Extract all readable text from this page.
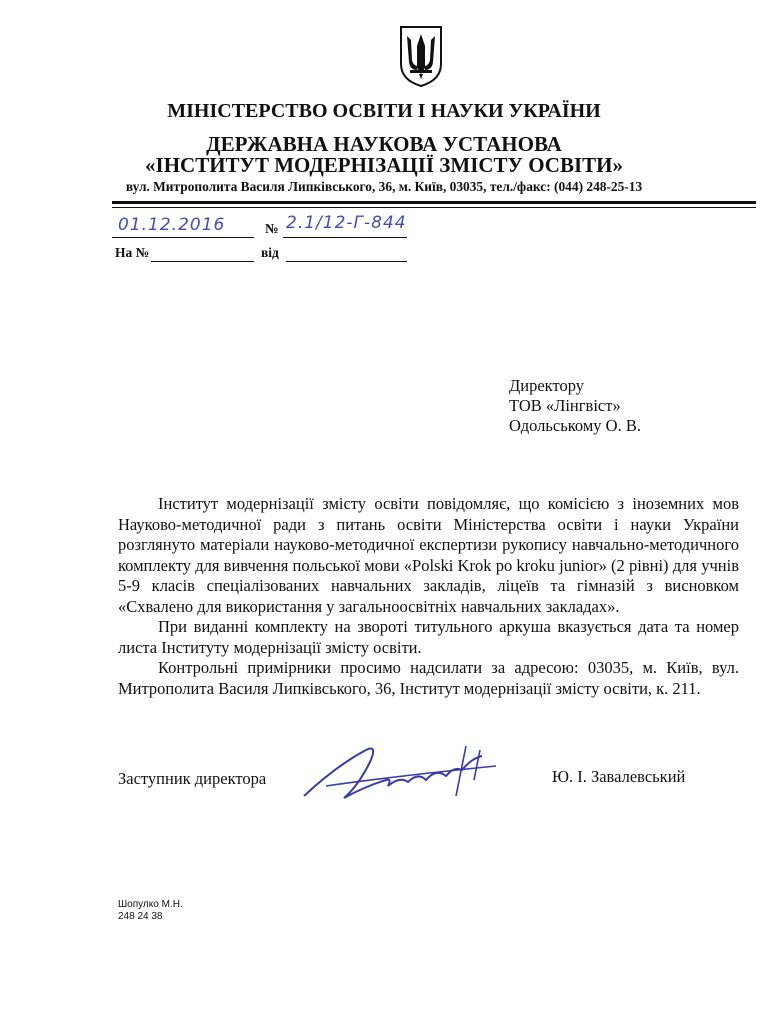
МІНІСТЕРСТВО ОСВІТИ І НАУКИ УКРАЇНИ
ДЕРЖАВНА НАУКОВА УСТАНОВА
«ІНСТИТУТ МОДЕРНІЗАЦІЇ ЗМІСТУ ОСВІТИ»
вул. Митрополита Василя Липківського, 36, м. Київ, 03035, тел./факс: (044) 248-25-13
01.12.2016	№ 2.1/12-Г-844
На №	від
Директору
ТОВ «Лінгвіст»
Одольському О. В.

Інститут модернізації змісту освіти повідомляє, що комісією з іноземних мов Науково-методичної ради з питань освіти Міністерства освіти і науки України розглянуто матеріали науково-методичної експертизи рукопису навчально-методичного комплекту для вивчення польської мови «Polski Krok po kroku junior» (2 рівні) для учнів 5-9 класів спеціалізованих навчальних закладів, ліцеїв та гімназій з висновком «Схвалено для використання у загальноосвітніх навчальних закладах».

При виданні комплекту на звороті титульного аркуша вказується дата та номер листа Інституту модернізації змісту освіти.

Контрольні примірники просимо надсилати за адресою: 03035, м. Київ, вул. Митрополита Василя Липківського, 36, Інститут модернізації змісту освіти, к. 211.

Заступник директора	Ю. І. Завалевський
Шопулко М.Н.
248 24 38
